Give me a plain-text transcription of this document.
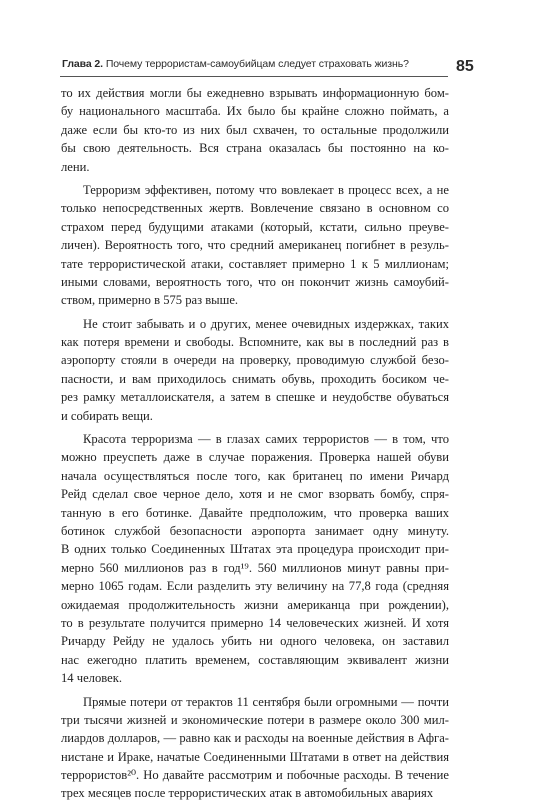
Глава 2. Почему террористам-самоубийцам следует страховать жизнь?	85
то их действия могли бы ежедневно взрывать информационную бом-
бу национального масштаба. Их было бы крайне сложно поймать, а
даже если бы кто-то из них был схвачен, то остальные продолжили
бы свою деятельность. Вся страна оказалась бы постоянно на ко-
лени.
Терроризм эффективен, потому что вовлекает в процесс всех, а не
только непосредственных жертв. Вовлечение связано в основном со
страхом перед будущими атаками (который, кстати, сильно преуве-
личен). Вероятность того, что средний американец погибнет в резуль-
тате террористической атаки, составляет примерно 1 к 5 миллионам;
иными словами, вероятность того, что он покончит жизнь самоубий-
ством, примерно в 575 раз выше.
Не стоит забывать и о других, менее очевидных издержках, таких
как потеря времени и свободы. Вспомните, как вы в последний раз в
аэропорту стояли в очереди на проверку, проводимую службой безо-
пасности, и вам приходилось снимать обувь, проходить босиком че-
рез рамку металлоискателя, а затем в спешке и неудобстве обуваться
и собирать вещи.
Красота терроризма — в глазах самих террористов — в том, что
можно преуспеть даже в случае поражения. Проверка нашей обуви
начала осуществляться после того, как британец по имени Ричард
Рейд сделал свое черное дело, хотя и не смог взорвать бомбу, спря-
танную в его ботинке. Давайте предположим, что проверка ваших
ботинок службой безопасности аэропорта занимает одну минуту.
В одних только Соединенных Штатах эта процедура происходит при-
мерно 560 миллионов раз в год¹⁹. 560 миллионов минут равны при-
мерно 1065 годам. Если разделить эту величину на 77,8 года (средняя
ожидаемая продолжительность жизни американца при рождении),
то в результате получится примерно 14 человеческих жизней. И хотя
Ричарду Рейду не удалось убить ни одного человека, он заставил
нас ежегодно платить временем, составляющим эквивалент жизни
14 человек.
Прямые потери от терактов 11 сентября были огромными — почти
три тысячи жизней и экономические потери в размере около 300 мил-
лиардов долларов, — равно как и расходы на военные действия в Афга-
нистане и Ираке, начатые Соединенными Штатами в ответ на действия
террористов²⁰. Но давайте рассмотрим и побочные расходы. В течение
трех месяцев после террористических атак в автомобильных авариях
